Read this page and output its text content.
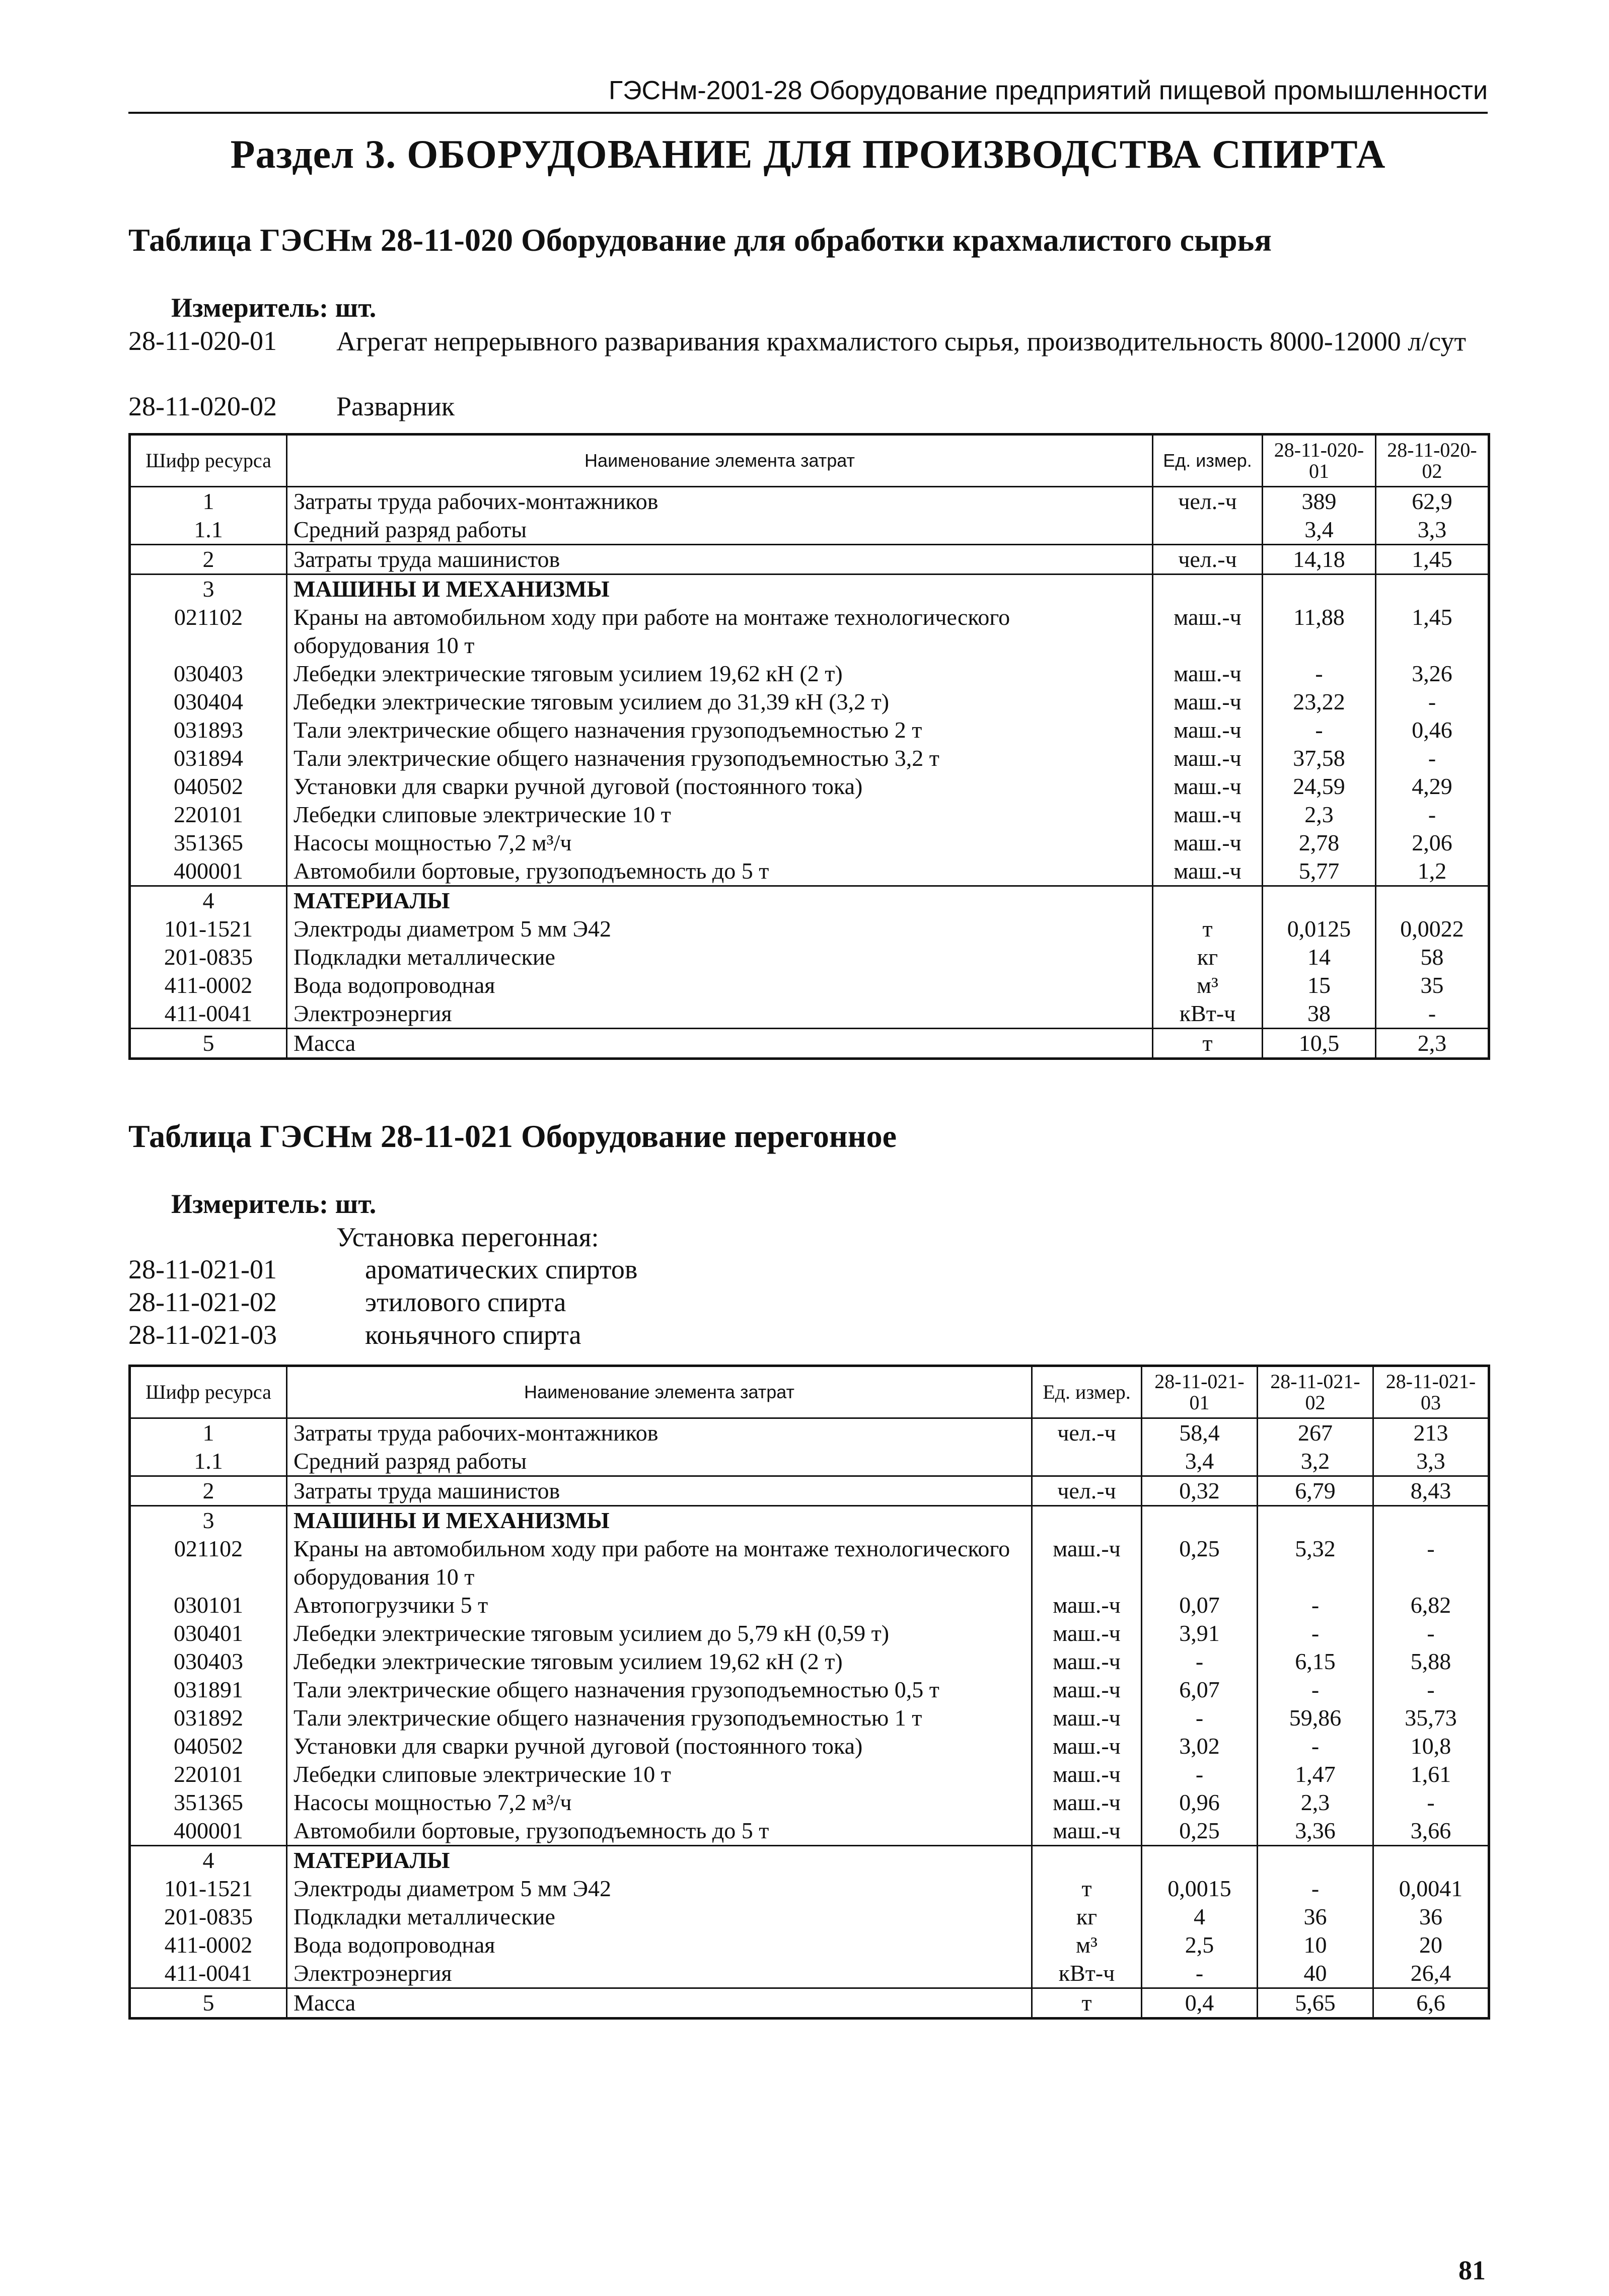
ГЭСНм-2001-28 Оборудование предприятий пищевой промышленности
Раздел 3. ОБОРУДОВАНИЕ ДЛЯ ПРОИЗВОДСТВА СПИРТА
Таблица ГЭСНм 28-11-020 Оборудование для обработки крахмалистого сырья
Измеритель: шт.
28-11-020-01 Агрегат непрерывного разваривания крахмалистого сырья, производительность 8000-12000 л/сут
28-11-020-02 Разварник
Шифр ресурса	Наименование элемента затрат	Ед. измер.	28-11-020-01	28-11-020-02
1	Затраты труда рабочих-монтажников	чел.-ч	389	62,9
1.1	Средний разряд работы		3,4	3,3
2	Затраты труда машинистов	чел.-ч	14,18	1,45
3	МАШИНЫ И МЕХАНИЗМЫ			
021102	Краны на автомобильном ходу при работе на монтаже технологического оборудования 10 т	маш.-ч	11,88	1,45
030403	Лебедки электрические тяговым усилием 19,62 кН (2 т)	маш.-ч	-	3,26
030404	Лебедки электрические тяговым усилием до 31,39 кН (3,2 т)	маш.-ч	23,22	-
031893	Тали электрические общего назначения грузоподъемностью 2 т	маш.-ч	-	0,46
031894	Тали электрические общего назначения грузоподъемностью 3,2 т	маш.-ч	37,58	-
040502	Установки для сварки ручной дуговой (постоянного тока)	маш.-ч	24,59	4,29
220101	Лебедки слиповые электрические 10 т	маш.-ч	2,3	-
351365	Насосы мощностью 7,2 м³/ч	маш.-ч	2,78	2,06
400001	Автомобили бортовые, грузоподъемность до 5 т	маш.-ч	5,77	1,2
4	МАТЕРИАЛЫ			
101-1521	Электроды диаметром 5 мм Э42	т	0,0125	0,0022
201-0835	Подкладки металлические	кг	14	58
411-0002	Вода водопроводная	м³	15	35
411-0041	Электроэнергия	кВт-ч	38	-
5	Масса	т	10,5	2,3
Таблица ГЭСНм 28-11-021 Оборудование перегонное
Измеритель: шт.
Установка перегонная:
28-11-021-01	ароматических спиртов
28-11-021-02	этилового спирта
28-11-021-03	коньячного спирта
Шифр ресурса	Наименование элемента затрат	Ед. измер.	28-11-021-01	28-11-021-02	28-11-021-03
1	Затраты труда рабочих-монтажников	чел.-ч	58,4	267	213
1.1	Средний разряд работы		3,4	3,2	3,3
2	Затраты труда машинистов	чел.-ч	0,32	6,79	8,43
3	МАШИНЫ И МЕХАНИЗМЫ				
021102	Краны на автомобильном ходу при работе на монтаже технологического оборудования 10 т	маш.-ч	0,25	5,32	-
030101	Автопогрузчики 5 т	маш.-ч	0,07	-	6,82
030401	Лебедки электрические тяговым усилием до 5,79 кН (0,59 т)	маш.-ч	3,91	-	-
030403	Лебедки электрические тяговым усилием 19,62 кН (2 т)	маш.-ч	-	6,15	5,88
031891	Тали электрические общего назначения грузоподъемностью 0,5 т	маш.-ч	6,07	-	-
031892	Тали электрические общего назначения грузоподъемностью 1 т	маш.-ч	-	59,86	35,73
040502	Установки для сварки ручной дуговой (постоянного тока)	маш.-ч	3,02	-	10,8
220101	Лебедки слиповые электрические 10 т	маш.-ч	-	1,47	1,61
351365	Насосы мощностью 7,2 м³/ч	маш.-ч	0,96	2,3	-
400001	Автомобили бортовые, грузоподъемность до 5 т	маш.-ч	0,25	3,36	3,66
4	МАТЕРИАЛЫ				
101-1521	Электроды диаметром 5 мм Э42	т	0,0015	-	0,0041
201-0835	Подкладки металлические	кг	4	36	36
411-0002	Вода водопроводная	м³	2,5	10	20
411-0041	Электроэнергия	кВт-ч	-	40	26,4
5	Масса	т	0,4	5,65	6,6
81
